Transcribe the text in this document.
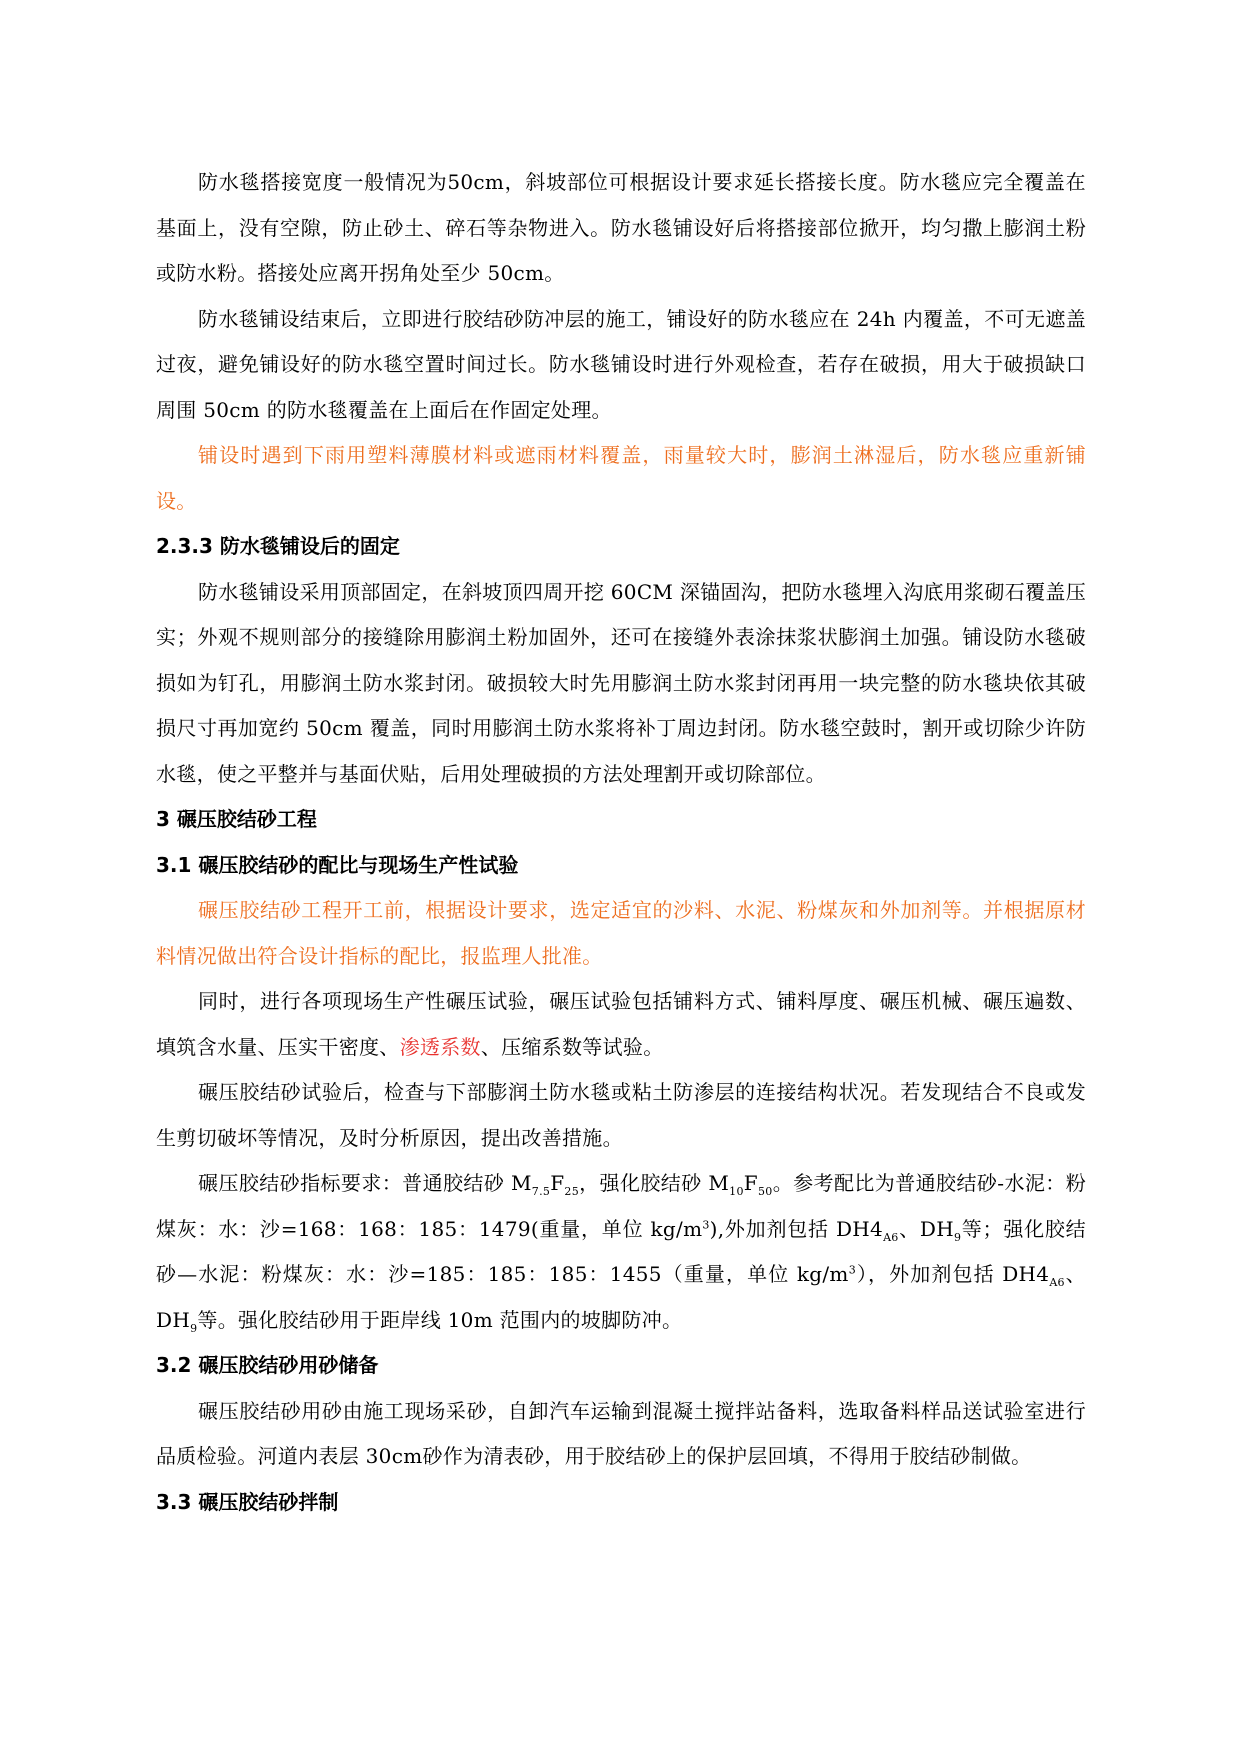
防水毯搭接宽度一般情况为50cm，斜坡部位可根据设计要求延长搭接长度。防水毯应完全覆盖在基面上，没有空隙，防止砂土、碎石等杂物进入。防水毯铺设好后将搭接部位掀开，均匀撒上膨润土粉或防水粉。搭接处应离开拐角处至少 50cm。

防水毯铺设结束后，立即进行胶结砂防冲层的施工，铺设好的防水毯应在 24h 内覆盖，不可无遮盖过夜，避免铺设好的防水毯空置时间过长。防水毯铺设时进行外观检查，若存在破损，用大于破损缺口周围 50cm 的防水毯覆盖在上面后在作固定处理。

铺设时遇到下雨用塑料薄膜材料或遮雨材料覆盖，雨量较大时，膨润土淋湿后，防水毯应重新铺设。

2.3.3 防水毯铺设后的固定

防水毯铺设采用顶部固定，在斜坡顶四周开挖 60CM 深锚固沟，把防水毯埋入沟底用浆砌石覆盖压实；外观不规则部分的接缝除用膨润土粉加固外，还可在接缝外表涂抹浆状膨润土加强。铺设防水毯破损如为钉孔，用膨润土防水浆封闭。破损较大时先用膨润土防水浆封闭再用一块完整的防水毯块依其破损尺寸再加宽约 50cm 覆盖，同时用膨润土防水浆将补丁周边封闭。防水毯空鼓时，割开或切除少许防水毯，使之平整并与基面伏贴，后用处理破损的方法处理割开或切除部位。

3 碾压胶结砂工程
3.1 碾压胶结砂的配比与现场生产性试验

碾压胶结砂工程开工前，根据设计要求，选定适宜的沙料、水泥、粉煤灰和外加剂等。并根据原材料情况做出符合设计指标的配比，报监理人批准。

同时，进行各项现场生产性碾压试验，碾压试验包括铺料方式、铺料厚度、碾压机械、碾压遍数、填筑含水量、压实干密度、渗透系数、压缩系数等试验。

碾压胶结砂试验后，检查与下部膨润土防水毯或粘土防渗层的连接结构状况。若发现结合不良或发生剪切破坏等情况，及时分析原因，提出改善措施。

碾压胶结砂指标要求：普通胶结砂 $M_{7.5}F_{25}$，强化胶结砂 $M_{10}F_{50}$。参考配比为普通胶结砂-水泥：粉煤灰：水：沙=168：168：185：1479(重量，单位 $kg/m^3$),外加剂包括 $DH4_{A6}$、$DH_9$等；强化胶结砂—水泥：粉煤灰：水：沙=185：185：185：1455（重量，单位 $kg/m^3$），外加剂包括 $DH4_{A6}$、$DH_9$等。强化胶结砂用于距岸线 10m 范围内的坡脚防冲。

3.2 碾压胶结砂用砂储备

碾压胶结砂用砂由施工现场采砂，自卸汽车运输到混凝土搅拌站备料，选取备料样品送试验室进行品质检验。河道内表层 30cm砂作为清表砂，用于胶结砂上的保护层回填，不得用于胶结砂制做。

3.3 碾压胶结砂拌制
